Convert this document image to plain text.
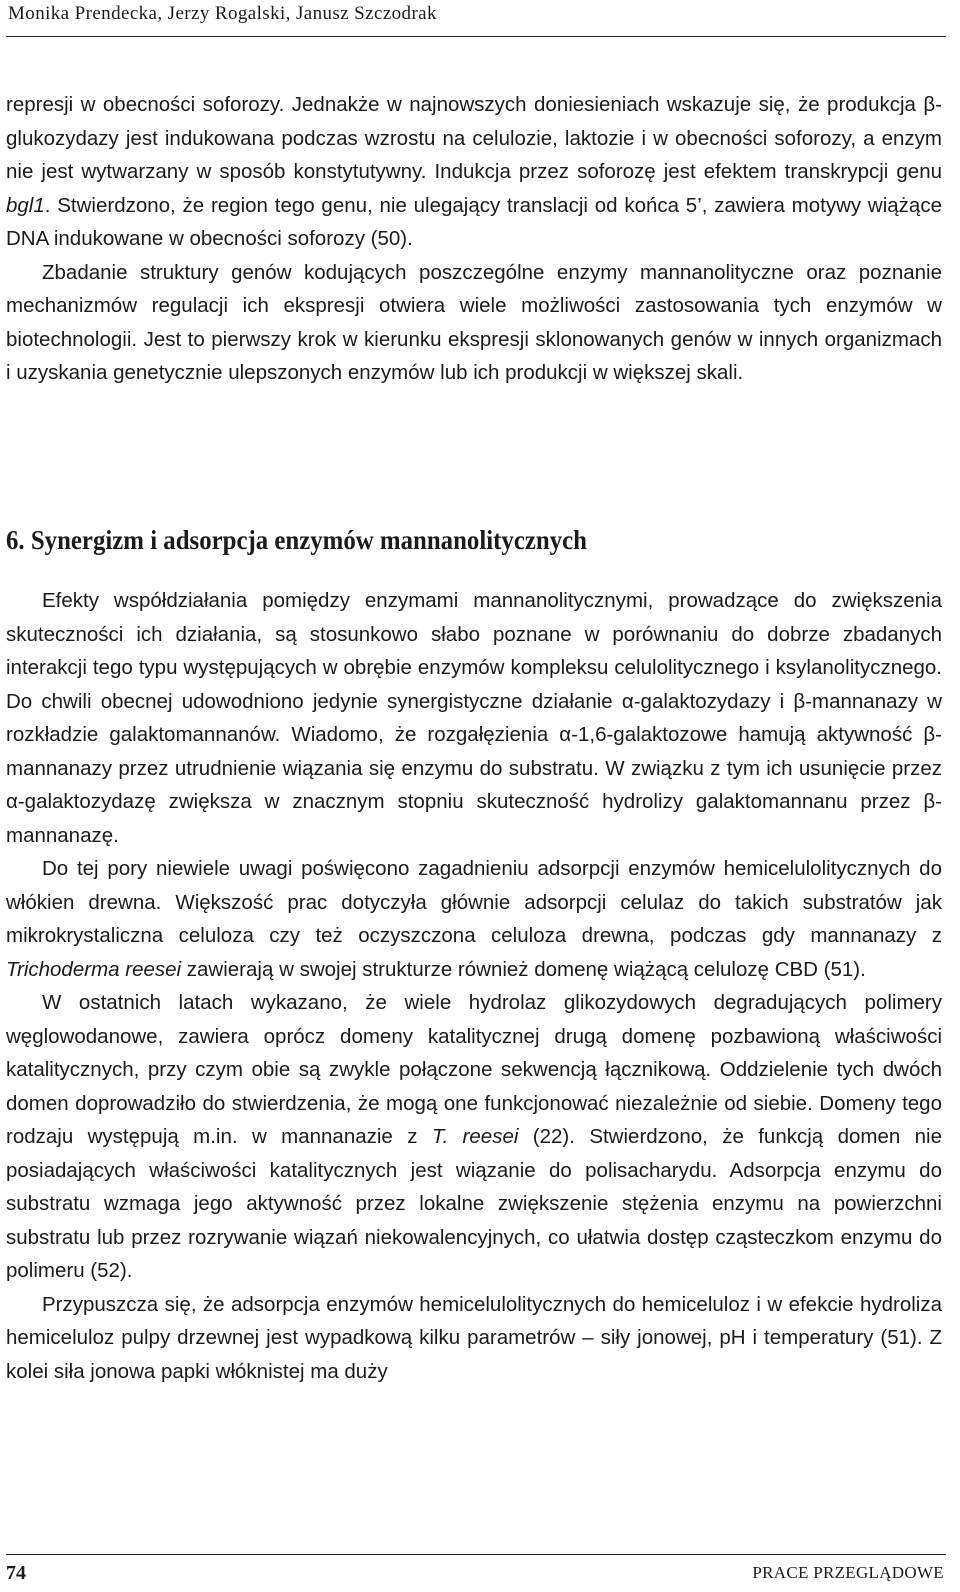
Monika Prendecka, Jerzy Rogalski, Janusz Szczodrak

represji w obecności soforozy. Jednakże w najnowszych doniesieniach wskazuje się, że produkcja β-glukozydazy jest indukowana podczas wzrostu na celulozie, laktozie i w obecności soforozy, a enzym nie jest wytwarzany w sposób konstytutywny. Indukcja przez soforozę jest efektem transkrypcji genu bgl1. Stwierdzono, że region tego genu, nie ulegający translacji od końca 5’, zawiera motywy wiążące DNA indukowane w obecności soforozy (50).

Zbadanie struktury genów kodujących poszczególne enzymy mannanolityczne oraz poznanie mechanizmów regulacji ich ekspresji otwiera wiele możliwości zastosowania tych enzymów w biotechnologii. Jest to pierwszy krok w kierunku ekspresji sklonowanych genów w innych organizmach i uzyskania genetycznie ulepszonych enzymów lub ich produkcji w większej skali.

6. Synergizm i adsorpcja enzymów mannanolitycznych

Efekty współdziałania pomiędzy enzymami mannanolitycznymi, prowadzące do zwiększenia skuteczności ich działania, są stosunkowo słabo poznane w porównaniu do dobrze zbadanych interakcji tego typu występujących w obrębie enzymów kompleksu celulolitycznego i ksylanolitycznego. Do chwili obecnej udowodniono jedynie synergistyczne działanie α-galaktozydazy i β-mannanazy w rozkładzie galaktomannanów. Wiadomo, że rozgałęzienia α-1,6-galaktozowe hamują aktywność β-mannanazy przez utrudnienie wiązania się enzymu do substratu. W związku z tym ich usunięcie przez α-galaktozydazę zwiększa w znacznym stopniu skuteczność hydrolizy galaktomannanu przez β-mannanazę.

Do tej pory niewiele uwagi poświęcono zagadnieniu adsorpcji enzymów hemicelulolitycznych do włókien drewna. Większość prac dotyczyła głównie adsorpcji celulaz do takich substratów jak mikrokrystaliczna celuloza czy też oczyszczona celuloza drewna, podczas gdy mannanazy z Trichoderma reesei zawierają w swojej strukturze również domenę wiążącą celulozę CBD (51).

W ostatnich latach wykazano, że wiele hydrolaz glikozydowych degradujących polimery węglowodanowe, zawiera oprócz domeny katalitycznej drugą domenę pozbawioną właściwości katalitycznych, przy czym obie są zwykle połączone sekwencją łącznikową. Oddzielenie tych dwóch domen doprowadziło do stwierdzenia, że mogą one funkcjonować niezależnie od siebie. Domeny tego rodzaju występują m.in. w mannanazie z T. reesei (22). Stwierdzono, że funkcją domen nie posiadających właściwości katalitycznych jest wiązanie do polisacharydu. Adsorpcja enzymu do substratu wzmaga jego aktywność przez lokalne zwiększenie stężenia enzymu na powierzchni substratu lub przez rozrywanie wiązań niekowalencyjnych, co ułatwia dostęp cząsteczkom enzymu do polimeru (52).

Przypuszcza się, że adsorpcja enzymów hemicelulolitycznych do hemiceluloz i w efekcie hydroliza hemiceluloz pulpy drzewnej jest wypadkową kilku parametrów – siły jonowej, pH i temperatury (51). Z kolei siła jonowa papki włóknistej ma duży

74	PRACE PRZEGLĄDOWE
